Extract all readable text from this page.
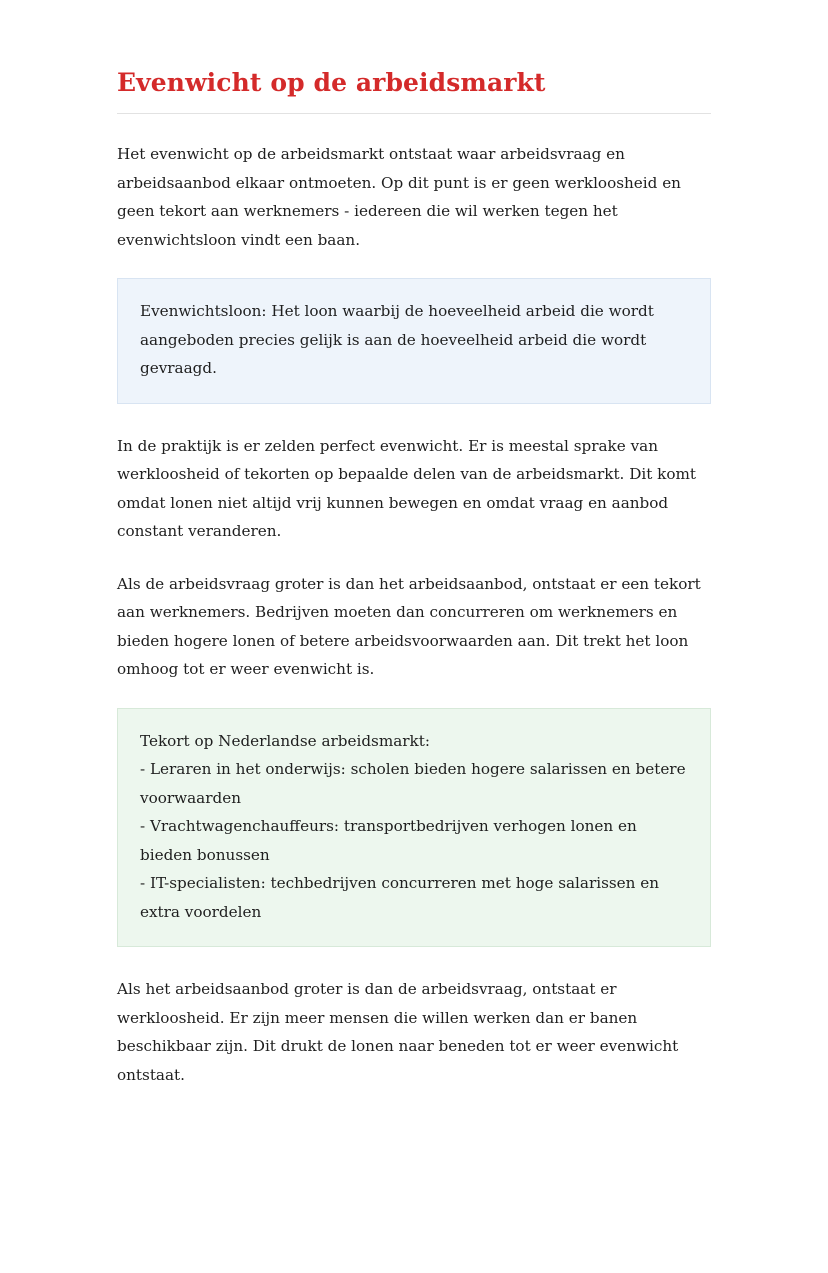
Evenwicht op de arbeidsmarkt

Het evenwicht op de arbeidsmarkt ontstaat waar arbeidsvraag en arbeidsaanbod elkaar ontmoeten. Op dit punt is er geen werkloosheid en geen tekort aan werknemers - iedereen die wil werken tegen het evenwichtsloon vindt een baan.

Evenwichtsloon: Het loon waarbij de hoeveelheid arbeid die wordt aangeboden precies gelijk is aan de hoeveelheid arbeid die wordt gevraagd.

In de praktijk is er zelden perfect evenwicht. Er is meestal sprake van werkloosheid of tekorten op bepaalde delen van de arbeidsmarkt. Dit komt omdat lonen niet altijd vrij kunnen bewegen en omdat vraag en aanbod constant veranderen.

Als de arbeidsvraag groter is dan het arbeidsaanbod, ontstaat er een tekort aan werknemers. Bedrijven moeten dan concurreren om werknemers en bieden hogere lonen of betere arbeidsvoorwaarden aan. Dit trekt het loon omhoog tot er weer evenwicht is.

Tekort op Nederlandse arbeidsmarkt:
- Leraren in het onderwijs: scholen bieden hogere salarissen en betere voorwaarden
- Vrachtwagenchauffeurs: transportbedrijven verhogen lonen en bieden bonussen
- IT-specialisten: techbedrijven concurreren met hoge salarissen en extra voordelen

Als het arbeidsaanbod groter is dan de arbeidsvraag, ontstaat er werkloosheid. Er zijn meer mensen die willen werken dan er banen beschikbaar zijn. Dit drukt de lonen naar beneden tot er weer evenwicht ontstaat.
